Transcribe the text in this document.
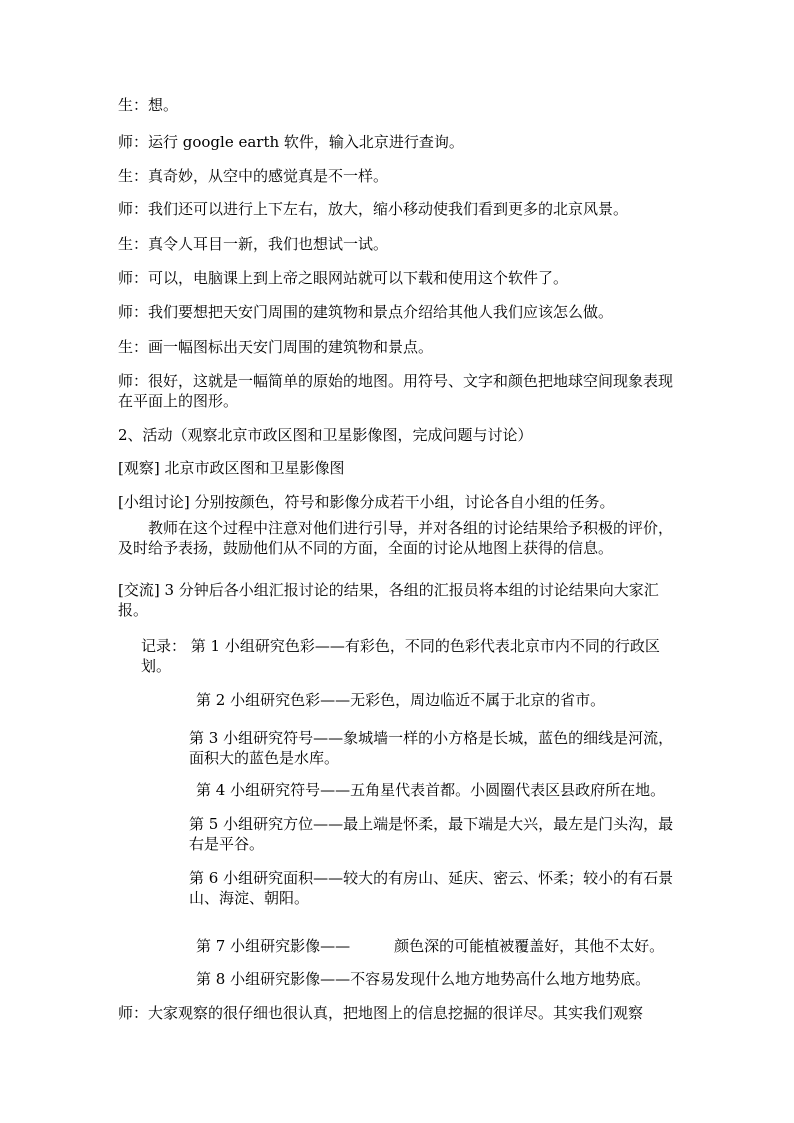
生：想。

师：运行 google earth 软件，输入北京进行查询。

生：真奇妙，从空中的感觉真是不一样。

师：我们还可以进行上下左右，放大，缩小移动使我们看到更多的北京风景。

生：真令人耳目一新，我们也想试一试。

师：可以，电脑课上到上帝之眼网站就可以下载和使用这个软件了。

师：我们要想把天安门周围的建筑物和景点介绍给其他人我们应该怎么做。

生：画一幅图标出天安门周围的建筑物和景点。

师：很好，这就是一幅简单的原始的地图。用符号、文字和颜色把地球空间现象表现在平面上的图形。

2、活动（观察北京市政区图和卫星影像图，完成问题与讨论）

[观察] 北京市政区图和卫星影像图

[小组讨论] 分别按颜色，符号和影像分成若干小组，讨论各自小组的任务。

教师在这个过程中注意对他们进行引导，并对各组的讨论结果给予积极的评价，及时给予表扬，鼓励他们从不同的方面，全面的讨论从地图上获得的信息。

[交流] 3 分钟后各小组汇报讨论的结果，各组的汇报员将本组的讨论结果向大家汇报。

记录： 第 1 小组研究色彩——有彩色，不同的色彩代表北京市内不同的行政区划。

第 2 小组研究色彩——无彩色，周边临近不属于北京的省市。

第 3 小组研究符号——象城墙一样的小方格是长城，蓝色的细线是河流，面积大的蓝色是水库。

第 4 小组研究符号——五角星代表首都。小圆圈代表区县政府所在地。

第 5 小组研究方位——最上端是怀柔，最下端是大兴，最左是门头沟，最右是平谷。

第 6 小组研究面积——较大的有房山、延庆、密云、怀柔；较小的有石景山、海淀、朝阳。

第 7 小组研究影像——	颜色深的可能植被覆盖好，其他不太好。

第 8 小组研究影像——不容易发现什么地方地势高什么地方地势底。

师：大家观察的很仔细也很认真，把地图上的信息挖掘的很详尽。其实我们观察
